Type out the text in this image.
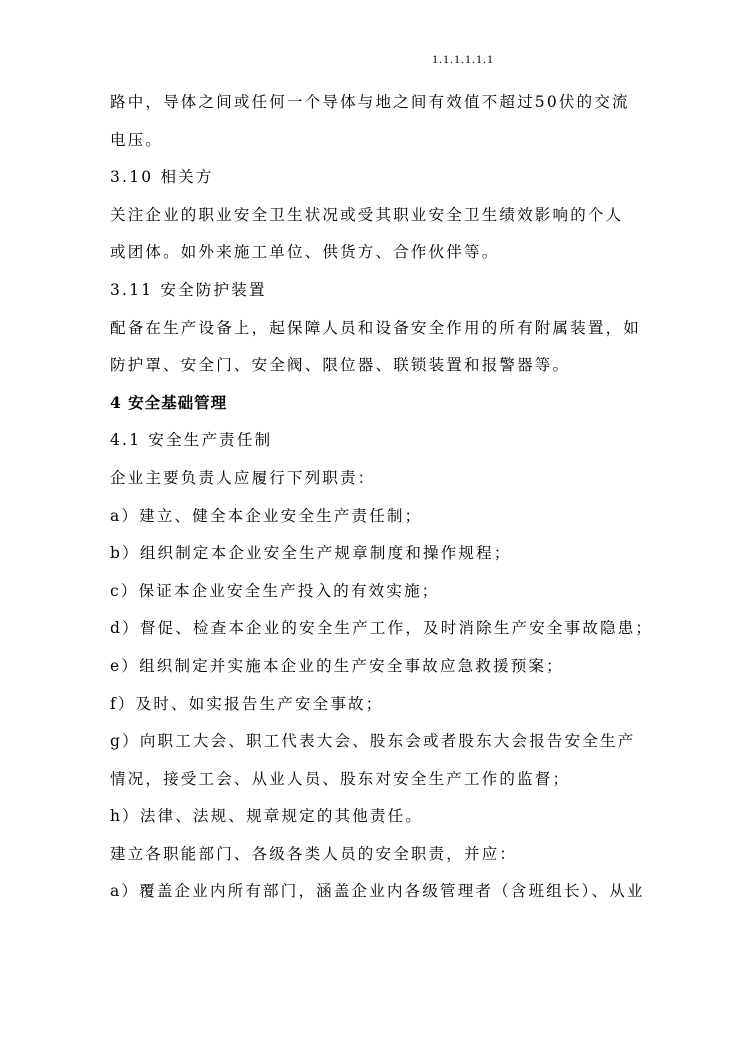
1.1.1.1.1.1
路中，导体之间或任何一个导体与地之间有效值不超过50伏的交流
电压。
3.10 相关方
关注企业的职业安全卫生状况或受其职业安全卫生绩效影响的个人
或团体。如外来施工单位、供货方、合作伙伴等。
3.11 安全防护装置
配备在生产设备上，起保障人员和设备安全作用的所有附属装置，如
防护罩、安全门、安全阀、限位器、联锁装置和报警器等。
4 安全基础管理
4.1 安全生产责任制
企业主要负责人应履行下列职责：
a）建立、健全本企业安全生产责任制；
b）组织制定本企业安全生产规章制度和操作规程；
c）保证本企业安全生产投入的有效实施；
d）督促、检查本企业的安全生产工作，及时消除生产安全事故隐患；
e）组织制定并实施本企业的生产安全事故应急救援预案；
f）及时、如实报告生产安全事故；
g）向职工大会、职工代表大会、股东会或者股东大会报告安全生产
情况，接受工会、从业人员、股东对安全生产工作的监督；
h）法律、法规、规章规定的其他责任。
建立各职能部门、各级各类人员的安全职责，并应：
a）覆盖企业内所有部门，涵盖企业内各级管理者（含班组长）、从业
